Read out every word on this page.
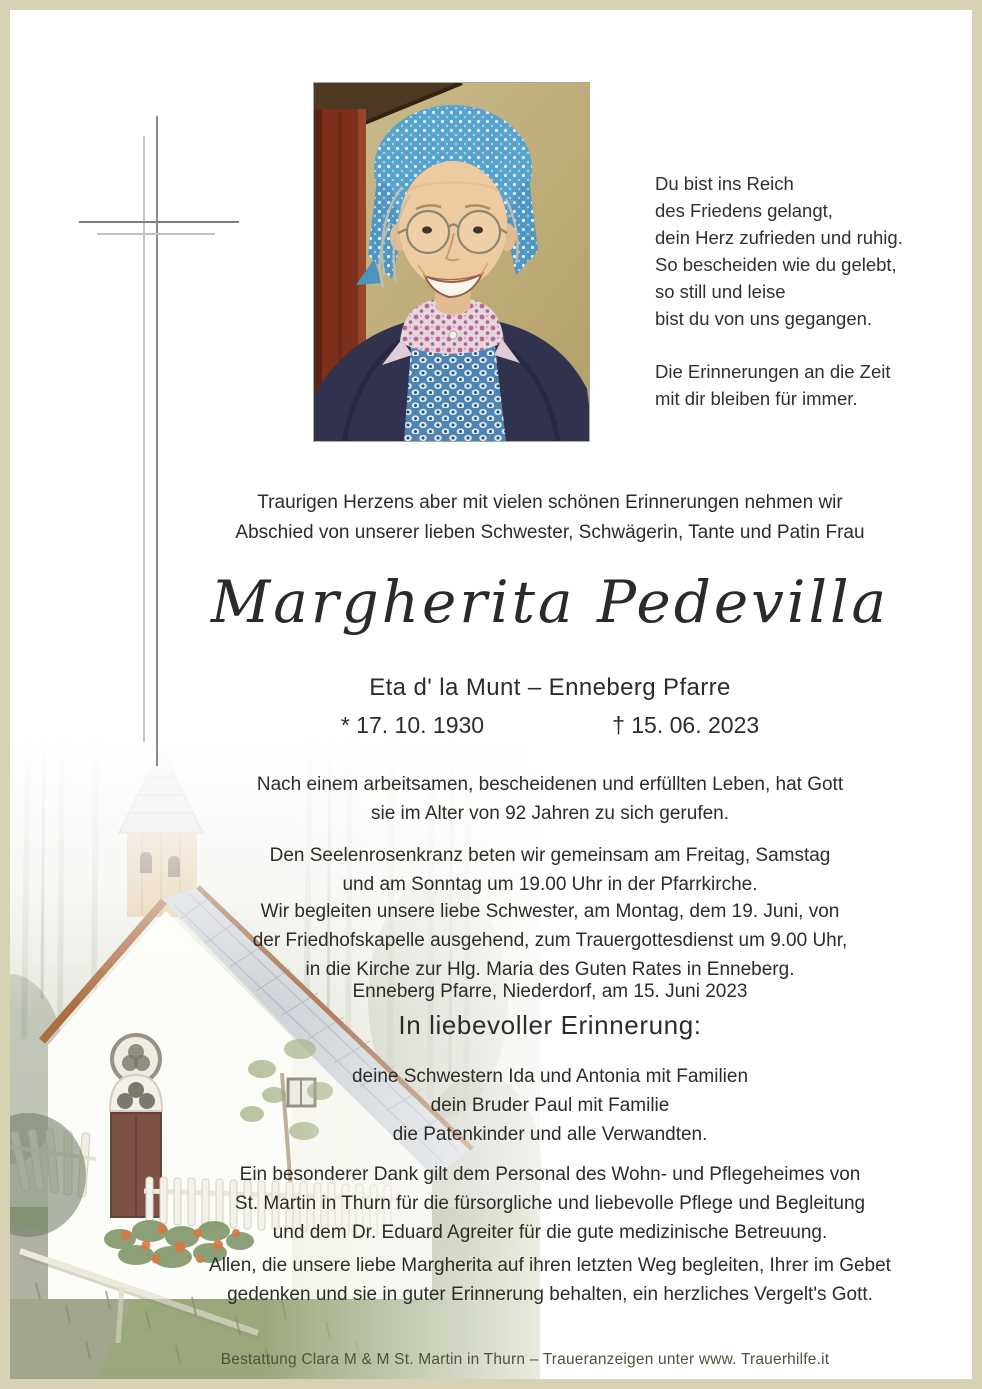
Du bist ins Reich
des Friedens gelangt,
dein Herz zufrieden und ruhig.
So bescheiden wie du gelebt,
so still und leise
bist du von uns gegangen.
Die Erinnerungen an die Zeit
mit dir bleiben für immer.
Traurigen Herzens aber mit vielen schönen Erinnerungen nehmen wir
Abschied von unserer lieben Schwester, Schwägerin, Tante und Patin Frau
Margherita Pedevilla
Eta d' la Munt – Enneberg Pfarre
* 17. 10. 1930	† 15. 06. 2023
Nach einem arbeitsamen, bescheidenen und erfüllten Leben, hat Gott
sie im Alter von 92 Jahren zu sich gerufen.
Den Seelenrosenkranz beten wir gemeinsam am Freitag, Samstag
und am Sonntag um 19.00 Uhr in der Pfarrkirche.
Wir begleiten unsere liebe Schwester, am Montag, dem 19. Juni, von
der Friedhofskapelle ausgehend, zum Trauergottesdienst um 9.00 Uhr,
in die Kirche zur Hlg. Maria des Guten Rates in Enneberg.
Enneberg Pfarre, Niederdorf, am 15. Juni 2023
In liebevoller Erinnerung:
deine Schwestern Ida und Antonia mit Familien
dein Bruder Paul mit Familie
die Patenkinder und alle Verwandten.
Ein besonderer Dank gilt dem Personal des Wohn- und Pflegeheimes von
St. Martin in Thurn für die fürsorgliche und liebevolle Pflege und Begleitung
und dem Dr. Eduard Agreiter für die gute medizinische Betreuung.
Allen, die unsere liebe Margherita auf ihren letzten Weg begleiten, Ihrer im Gebet
gedenken und sie in guter Erinnerung behalten, ein herzliches Vergelt's Gott.
Bestattung Clara M & M St. Martin in Thurn – Traueranzeigen unter www. Trauerhilfe.it
